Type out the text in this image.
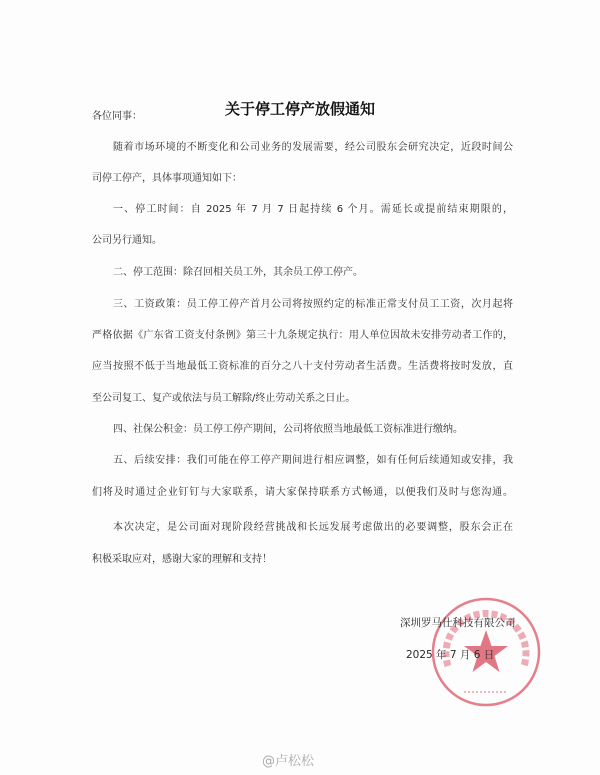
关于停工停产放假通知
各位同事：
随着市场环境的不断变化和公司业务的发展需要，经公司股东会研究决定，近段时间公
司停工停产，具体事项通知如下：
一、停工时间：自 2025 年 7 月 7 日起持续 6 个月。需延长或提前结束期限的，
公司另行通知。
二、停工范围：除召回相关员工外，其余员工停工停产。
三、工资政策：员工停工停产首月公司将按照约定的标准正常支付员工工资，次月起将
严格依据《广东省工资支付条例》第三十九条规定执行：用人单位因故未安排劳动者工作的，
应当按照不低于当地最低工资标准的百分之八十支付劳动者生活费。生活费将按时发放，直
至公司复工、复产或依法与员工解除/终止劳动关系之日止。
四、社保公积金：员工停工停产期间，公司将依照当地最低工资标准进行缴纳。
五、后续安排：我们可能在停工停产期间进行相应调整，如有任何后续通知或安排，我
们将及时通过企业钉钉与大家联系，请大家保持联系方式畅通，以便我们及时与您沟通。
本次决定，是公司面对现阶段经营挑战和长远发展考虑做出的必要调整，股东会正在
积极采取应对，感谢大家的理解和支持！
深圳罗马仕科技有限公司
2025 年 7 月 6 日
@卢松松
